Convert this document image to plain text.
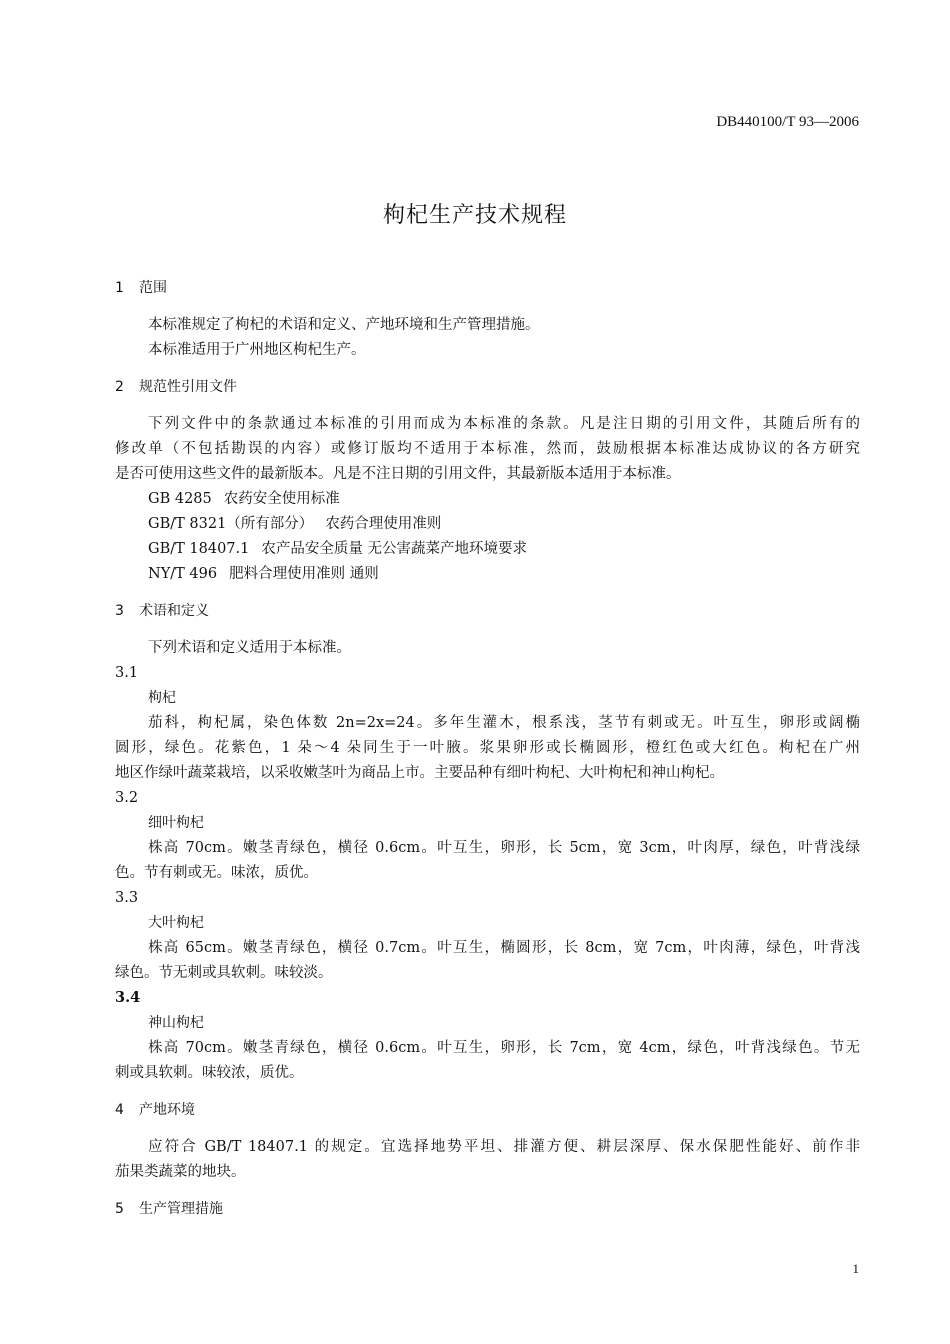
DB440100/T 93—2006
枸杞生产技术规程
1 范围
本标准规定了枸杞的术语和定义、产地环境和生产管理措施。
本标准适用于广州地区枸杞生产。
2 规范性引用文件
下列文件中的条款通过本标准的引用而成为本标准的条款。凡是注日期的引用文件，其随后所有的
修改单（不包括勘误的内容）或修订版均不适用于本标准，然而，鼓励根据本标准达成协议的各方研究
是否可使用这些文件的最新版本。凡是不注日期的引用文件，其最新版本适用于本标准。
GB 4285 农药安全使用标准
GB/T 8321（所有部分） 农药合理使用准则
GB/T 18407.1 农产品安全质量 无公害蔬菜产地环境要求
NY/T 496 肥料合理使用准则 通则
3 术语和定义
下列术语和定义适用于本标准。
3.1
枸杞
茄科，枸杞属，染色体数 2n=2x=24。多年生灌木，根系浅，茎节有刺或无。叶互生，卵形或阔椭
圆形，绿色。花紫色，1 朵～4 朵同生于一叶腋。浆果卵形或长椭圆形，橙红色或大红色。枸杞在广州
地区作绿叶蔬菜栽培，以采收嫩茎叶为商品上市。主要品种有细叶枸杞、大叶枸杞和神山枸杞。
3.2
细叶枸杞
株高 70cm。嫩茎青绿色，横径 0.6cm。叶互生，卵形，长 5cm，宽 3cm，叶肉厚，绿色，叶背浅绿
色。节有刺或无。味浓，质优。
3.3
大叶枸杞
株高 65cm。嫩茎青绿色，横径 0.7cm。叶互生，椭圆形，长 8cm，宽 7cm，叶肉薄，绿色，叶背浅
绿色。节无刺或具软刺。味较淡。
3.4
神山枸杞
株高 70cm。嫩茎青绿色，横径 0.6cm。叶互生，卵形，长 7cm，宽 4cm，绿色，叶背浅绿色。节无
刺或具软刺。味较浓，质优。
4 产地环境
应符合 GB/T 18407.1 的规定。宜选择地势平坦、排灌方便、耕层深厚、保水保肥性能好、前作非
茄果类蔬菜的地块。
5 生产管理措施
1
